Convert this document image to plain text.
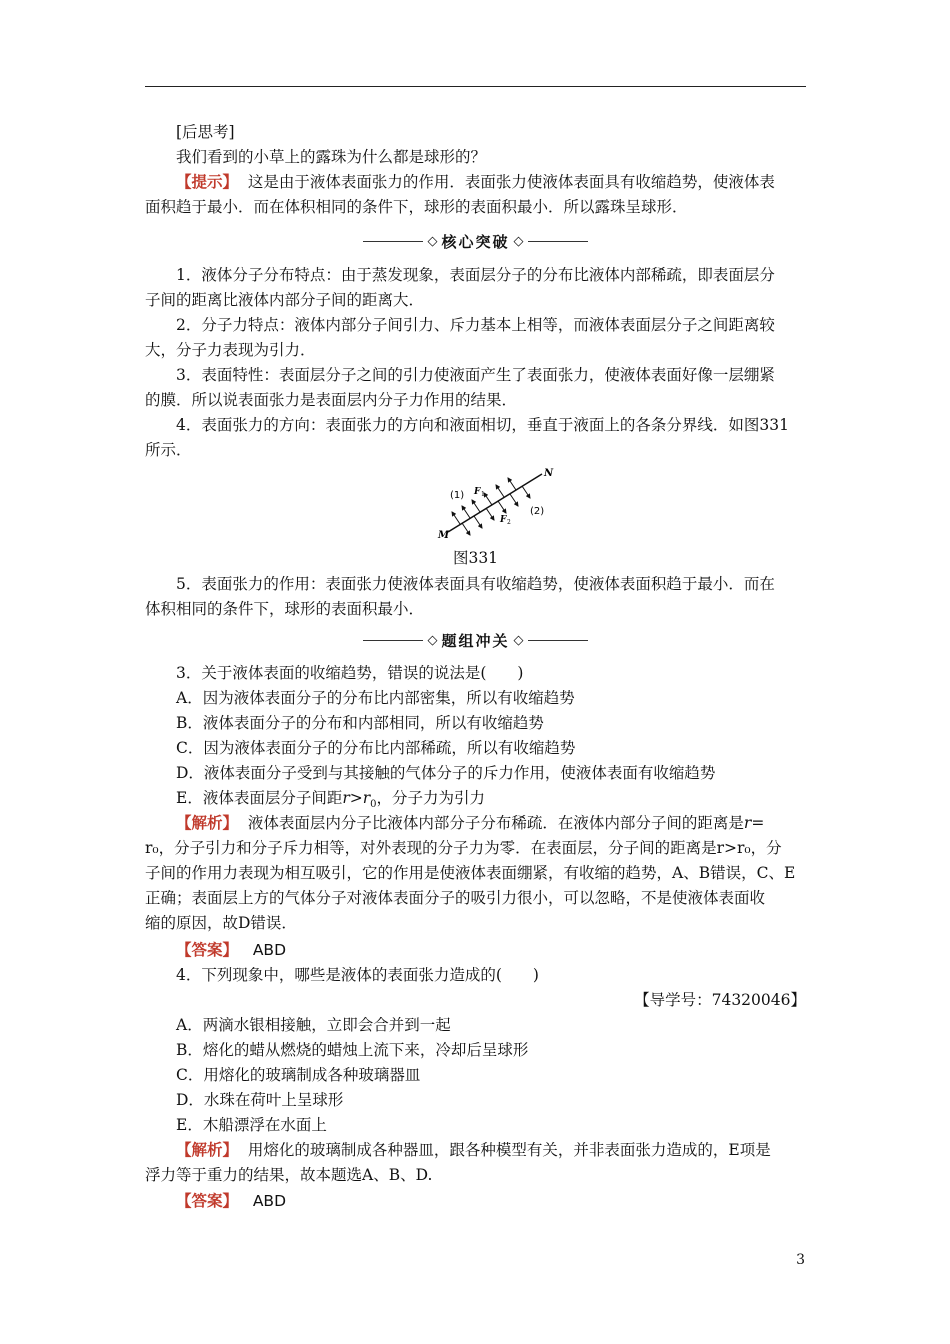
[后思考]
我们看到的小草上的露珠为什么都是球形的？
【 提示 】 这是由于液体表面张力的作用．表面张力使液体表面具有收缩趋势，使液体表
面积趋于最小．而在体积相同的条件下，球形的表面积最小．所以露珠呈球形．
◇ 核心突破 ◇
1．液体分子分布特点：由于蒸发现象，表面层分子的分布比液体内部稀疏，即表面层分
子间的距离比液体内部分子间的距离大．
2．分子力特点：液体内部分子间引力、斥力基本上相等，而液体表面层分子之间距离较
大，分子力表现为引力．
3．表面特性：表面层分子之间的引力使液面产生了表面张力，使液体表面好像一层绷紧
的膜．所以说表面张力是表面层内分子力作用的结果．
4．表面张力的方向：表面张力的方向和液面相切，垂直于液面上的各条分界线．如图331
所示．
(1)
(2)
F 1
F 2
M
N
图331
5．表面张力的作用：表面张力使液体表面具有收缩趋势，使液体表面积趋于最小．而在
体积相同的条件下，球形的表面积最小．
◇ 题组冲关 ◇
3．关于液体表面的收缩趋势，错误的说法是(　　)
A．因为液体表面分子的分布比内部密集，所以有收缩趋势
B．液体表面分子的分布和内部相同，所以有收缩趋势
C．因为液体表面分子的分布比内部稀疏，所以有收缩趋势
D．液体表面分子受到与其接触的气体分子的斥力作用，使液体表面有收缩趋势
E．液体表面层分子间距$r>r_0$，分子力为引力
【 解析 】 液体表面层内分子比液体内部分子分布稀疏．在液体内部分子间的距离是r=
r₀，分子引力和分子斥力相等，对外表现的分子力为零．在表面层，分子间的距离是r>r₀，分
子间的作用力表现为相互吸引，它的作用是使液体表面绷紧，有收缩的趋势，A、B错误，C、E
正确；表面层上方的气体分子对液体表面分子的吸引力很小，可以忽略，不是使液体表面收
缩的原因，故D错误．
【 答案 】 ABD
4．下列现象中，哪些是液体的表面张力造成的(　　)
【导学号：74320046】
A．两滴水银相接触，立即会合并到一起
B．熔化的蜡从燃烧的蜡烛上流下来，冷却后呈球形
C．用熔化的玻璃制成各种玻璃器皿
D．水珠在荷叶上呈球形
E．木船漂浮在水面上
【 解析 】 用熔化的玻璃制成各种器皿，跟各种模型有关，并非表面张力造成的，E项是
浮力等于重力的结果，故本题选A、B、D.
【 答案 】 ABD
3
